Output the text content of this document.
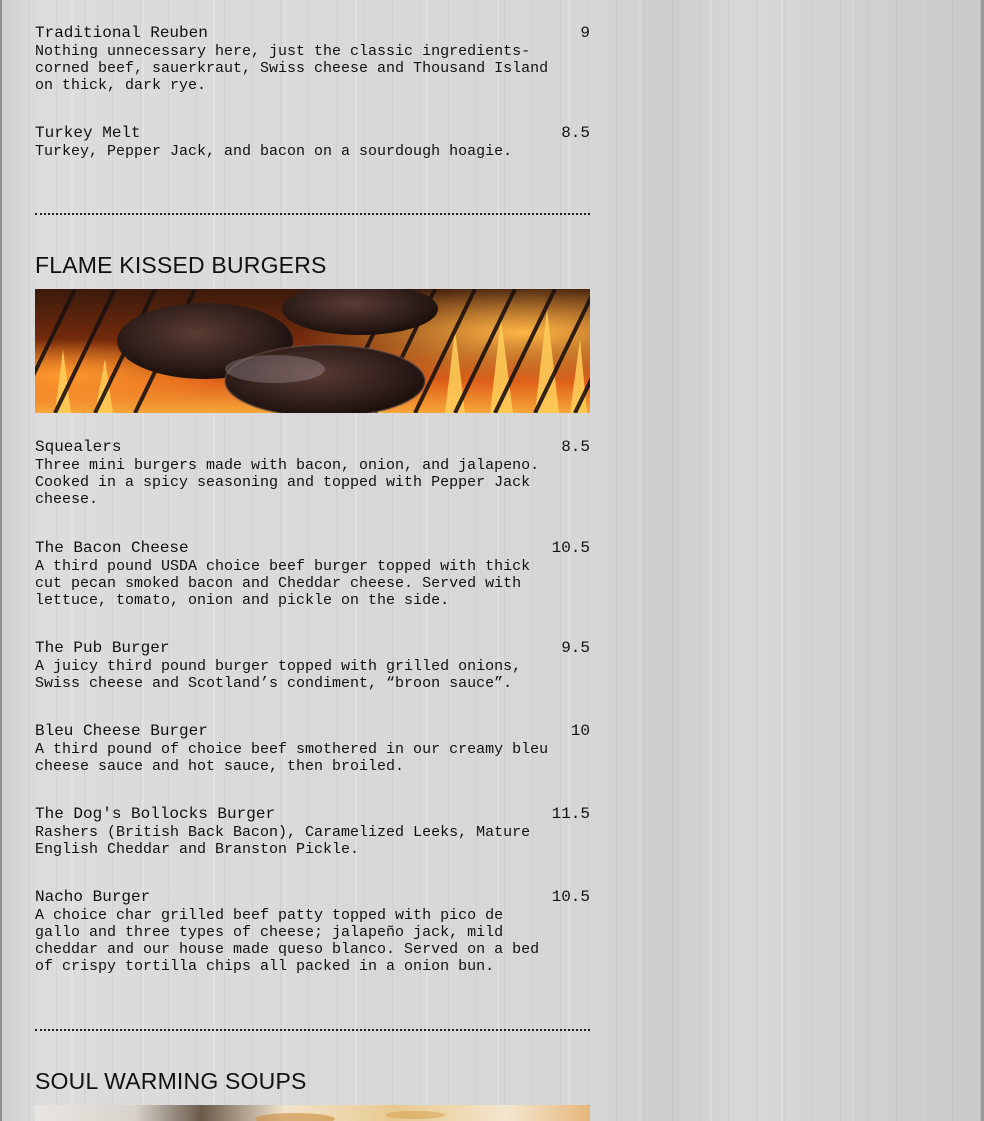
Traditional Reuben	9
Nothing unnecessary here, just the classic ingredients-
corned beef, sauerkraut, Swiss cheese and Thousand Island
on thick, dark rye.
Turkey Melt	8.5
Turkey, Pepper Jack, and bacon on a sourdough hoagie.
FLAME KISSED BURGERS
Squealers	8.5
Three mini burgers made with bacon, onion, and jalapeno.
Cooked in a spicy seasoning and topped with Pepper Jack
cheese.
The Bacon Cheese	10.5
A third pound USDA choice beef burger topped with thick
cut pecan smoked bacon and Cheddar cheese. Served with
lettuce, tomato, onion and pickle on the side.
The Pub Burger	9.5
A juicy third pound burger topped with grilled onions,
Swiss cheese and Scotland’s condiment, “broon sauce”.
Bleu Cheese Burger	10
A third pound of choice beef smothered in our creamy bleu
cheese sauce and hot sauce, then broiled.
The Dog's Bollocks Burger	11.5
Rashers (British Back Bacon), Caramelized Leeks, Mature
English Cheddar and Branston Pickle.
Nacho Burger	10.5
A choice char grilled beef patty topped with pico de
gallo and three types of cheese; jalapeño jack, mild
cheddar and our house made queso blanco. Served on a bed
of crispy tortilla chips all packed in a onion bun.
SOUL WARMING SOUPS
